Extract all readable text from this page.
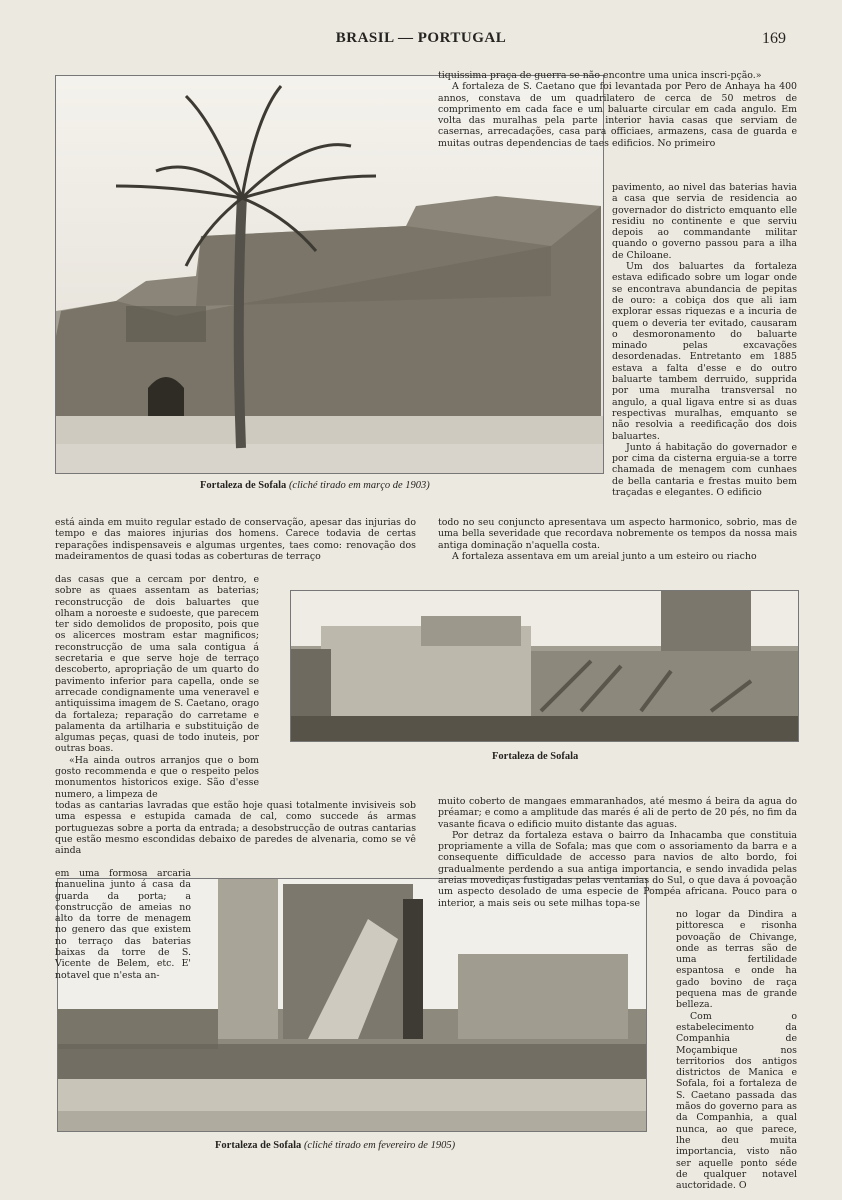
BRASIL — PORTUGAL	169
Fortaleza de Sofala (cliché tirado em março de 1903)
Fortaleza de Sofala
Fortaleza de Sofala (cliché tirado em fevereiro de 1905)

tiquissima praça de guerra se não encontre uma unica inscri-pção.»

A fortaleza de S. Caetano que foi levantada por Pero de Anhaya ha 400 annos, constava de um quadrilatero de cerca de 50 metros de comprimento em cada face e um baluarte circular em cada angulo. Em volta das muralhas pela parte interior havia casas que serviam de casernas, arrecadações, casa para officiaes, armazens, casa de guarda e muitas outras dependencias de taes edificios. No primeiro

pavimento, ao nivel das baterias havia a casa que servia de residencia ao governador do districto emquanto elle residiu no continente e que serviu depois ao commandante militar quando o governo passou para a ilha de Chiloane.

Um dos baluartes da fortaleza estava edificado sobre um logar onde se encontrava abundancia de pepitas de ouro: a cobiça dos que ali iam explorar essas riquezas e a incuria de quem o deveria ter evitado, causaram o desmoronamento do baluarte minado pelas excavações desordenadas. Entretanto em 1885 estava a falta d'esse e do outro baluarte tambem derruido, supprida por uma muralha transversal no angulo, a qual ligava entre si as duas respectivas muralhas, emquanto se não resolvia a reedificação dos dois baluartes.

Junto á habitação do governador e por cima da cisterna erguia-se a torre chamada de menagem com cunhaes de bella cantaria e frestas muito bem traçadas e elegantes. O edificio

todo no seu conjuncto apresentava um aspecto harmonico, sobrio, mas de uma bella severidade que recordava nobremente os tempos da nossa mais antiga dominação n'aquella costa.

A fortaleza assentava em um areial junto a um esteiro ou riacho

está ainda em muito regular estado de conservação, apesar das injurias do tempo e das maiores injurias dos homens. Carece todavia de certas reparações indispensaveis e algumas urgentes, taes como: renovação dos madeiramentos de quasi todas as coberturas de terraço

das casas que a cercam por dentro, e sobre as quaes assentam as baterias; reconstrucção de dois baluartes que olham a noroeste e sudoeste, que parecem ter sido demolidos de proposito, pois que os alicerces mostram estar magnificos; reconstrucção de uma sala contigua á secretaria e que serve hoje de terraço descoberto, apropriação de um quarto do pavimento inferior para capella, onde se arrecade condignamente uma veneravel e antiquissima imagem de S. Caetano, orago da fortaleza; reparação do carretame e palamenta da artilharia e substituição de algumas peças, quasi de todo inuteis, por outras boas.

«Ha ainda outros arranjos que o bom gosto recommenda e que o respeito pelos monumentos historicos exige. São d'esse numero, a limpeza de

todas as cantarias lavradas que estão hoje quasi totalmente invisiveis sob uma espessa e estupida camada de cal, como succede ás armas portuguezas sobre a porta da entrada; a desobstrucção de outras cantarias que estão mesmo escondidas debaixo de paredes de alvenaria, como se vê ainda

em uma formosa arcaria manuelina junto á casa da guarda da porta; a construcção de ameias no alto da torre de menagem no genero das que existem no terraço das baterias baixas da torre de S. Vicente de Belem, etc. E' notavel que n'esta an-

muito coberto de mangaes emmaranhados, até mesmo á beira da agua do préamar; e como a amplitude das marés é ali de perto de 20 pés, no fim da vasante ficava o edificio muito distante das aguas.

Por detraz da fortaleza estava o bairro da Inhacamba que constituia propriamente a villa de Sofala; mas que com o assoriamento da barra e a consequente difficuldade de accesso para navios de alto bordo, foi gradualmente perdendo a sua antiga importancia, e sendo invadida pelas areias movediças fustigadas pelas ventanias do Sul, o que dava á povoação um aspecto desolado de uma especie de Pompéa africana. Pouco para o interior, a mais seis ou sete milhas topa-se

no logar da Dindira a pittoresca e risonha povoação de Chivange, onde as terras são de uma fertilidade espantosa e onde ha gado bovino de raça pequena mas de grande belleza.

Com o estabelecimento da Companhia de Moçambique nos territorios dos antigos districtos de Manica e Sofala, foi a fortaleza de S. Caetano passada das mãos do governo para as da Companhia, a qual nunca, ao que parece, lhe deu muita importancia, visto não ser aquelle ponto séde de qualquer notavel auctoridade. O
